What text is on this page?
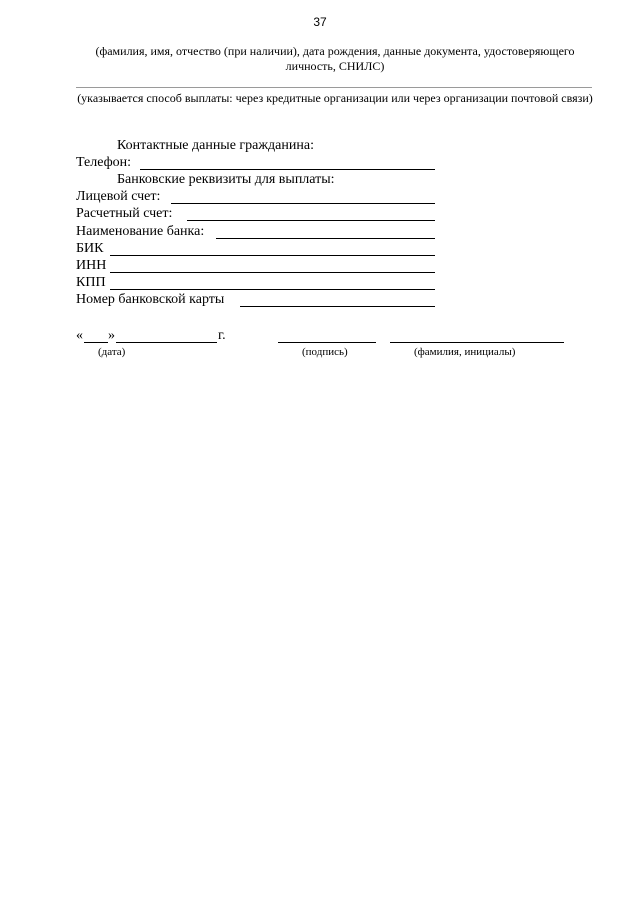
37
(фамилия, имя, отчество (при наличии), дата рождения, данные документа, удостоверяющего личность, СНИЛС)
(указывается способ выплаты: через кредитные организации или через организации почтовой связи)
Контактные данные гражданина:
Телефон:
Банковские реквизиты для выплаты:
Лицевой счет:
Расчетный счет:
Наименование банка:
БИК
ИНН
КПП
Номер банковской карты
« »	г.
(дата)	(подпись)	(фамилия, инициалы)
